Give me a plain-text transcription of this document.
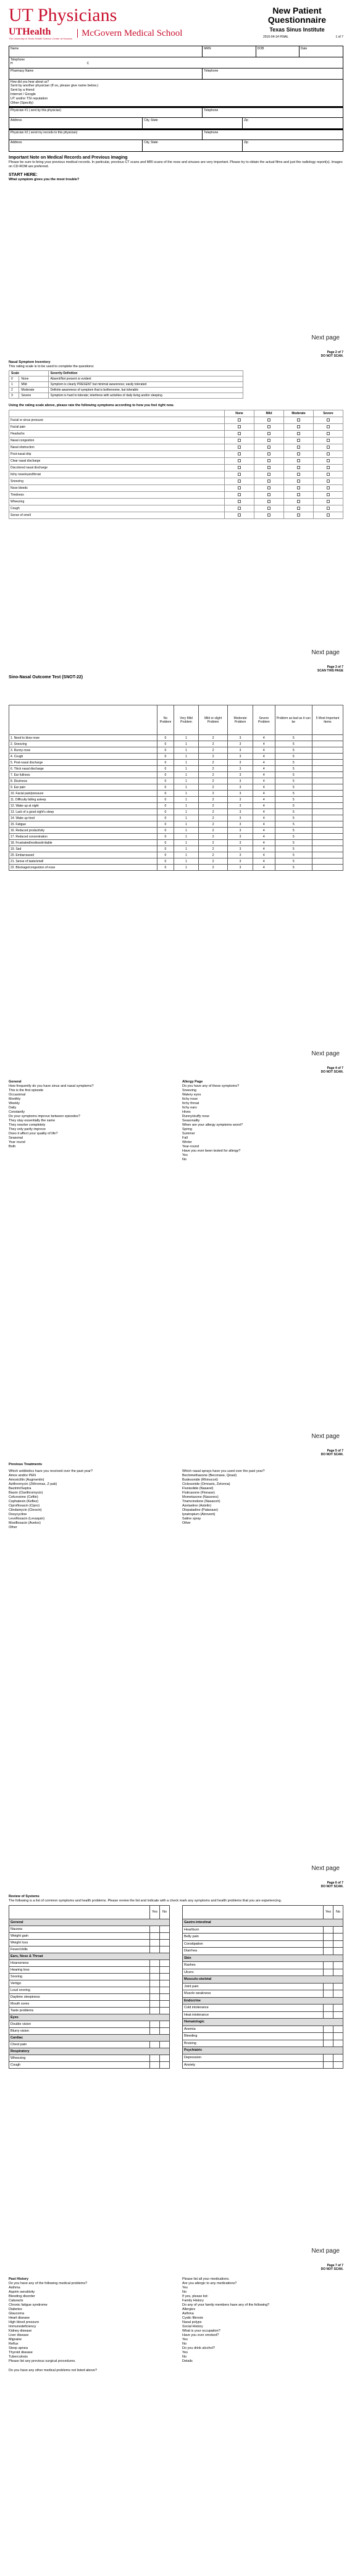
UT Physicians
UTHealth
The University of Texas Health Science Center at Houston
McGovern Medical School
New Patient
Questionnaire
Texas Sinus Institute
2016-04-14 FINAL	1 of 7
Name	MRN	DOB	Date
Telephone
H	C
Pharmacy Name	Telephone
How did you hear about us?
Sent by another physician (If so, please give name below.)
Sent by a friend
Internet / Google
UT and/or TSI reputation
Other (Specify)
Physician #1 ( sent by this physician)	Telephone
Address	City, State	Zip
Physician #2 ( send my records to this physician)	Telephone
Address	City, State	Zip
Important Note on Medical Records and Previous Imaging
Please be sure to bring your previous medical records. In particular, previous CT scans and MRI scans of the nose and sinuses are very important. Please try to obtain the actual films and just the radiology report(s). Images on CD-ROM are preferred.
START HERE:
What symptom gives you the most trouble?
Next page
Page 2 of 7
DO NOT SCAN.
Nasal Symptom Inventory
This rating scale is to be used to complete the questions:
Scale		Severity Definition
0	None	Absent/Not present or evident
1	Mild	Symptom is clearly PRESENT but minimal awareness; easily tolerated
2	Moderate	Definite awareness of symptom that is bothersome, but tolerable
3	Severe	Symptom is hard to tolerate; interferes with activities of daily living and/or sleeping
Using the rating scale above, please rate the following symptoms according to how you feel right now.
	None	Mild	Moderate	Severe
Facial or sinus pressure				
Facial pain				
Headache				
Nasal congestion				
Nasal obstruction				
Post-nasal drip				
Clear nasal discharge				
Discolored nasal discharge				
Itchy nose/eyes/throat				
Sneezing				
Nose bleeds				
Tiredness				
Wheezing				
Cough				
Sense of smell				
Next page
Page 3 of 7
SCAN THIS PAGE
Sino-Nasal Outcome Test (SNOT-22)
	No Problem	Very Mild Problem	Mild or slight Problem	Moderate Problem	Severe Problem	Problem as bad as it can be	5 Most Important Items
1. Need to blow nose	0	1	2	3	4	5	
2. Sneezing	0	1	2	3	4	5	
3. Runny nose	0	1	2	3	4	5	
4. Cough	0	1	2	3	4	5	
5. Post-nasal discharge	0	1	2	3	4	5	
6. Thick nasal discharge	0	1	2	3	4	5	
7. Ear fullness	0	1	2	3	4	5	
8. Dizziness	0	1	2	3	4	5	
9. Ear pain	0	1	2	3	4	5	
10. Facial pain/pressure	0	1	2	3	4	5	
11. Difficulty falling asleep	0	1	2	3	4	5	
12. Wake up at night	0	1	2	3	4	5	
13. Lack of a good night's sleep	0	1	2	3	4	5	
14. Wake up tired	0	1	2	3	4	5	
15. Fatigue	0	1	2	3	4	5	
16. Reduced productivity	0	1	2	3	4	5	
17. Reduced concentration	0	1	2	3	4	5	
18. Frustrated/restless/irritable	0	1	2	3	4	5	
19. Sad	0	1	2	3	4	5	
20. Embarrassed	0	1	2	3	4	5	
21. Sense of taste/smell	0	1	2	3	4	5	
22. Blockage/congestion of nose	0	1	2	3	4	5	
Next page
Page 4 of 7
DO NOT SCAN.
General
How frequently do you have sinus and nasal symptoms?
This is the first episode
Occasional
Monthly
Weekly
Daily
Constantly
Do your symptoms improve between episodes?
They stay essentially the same
They resolve completely
They only partly improve
Does it affect your quality of life?
Seasonal
Year round
Both
Allergy Page
Do you have any of these symptoms?
Sneezing
Watery eyes
Itchy nose
Itchy throat
Itchy ears
Hives
Runny/stuffy nose
Seasonality
When are your allergy symptoms worst?
Spring
Summer
Fall
Winter
Year-round
Have you ever been tested for allergy?
Yes
No
Next page
Page 5 of 7
DO NOT SCAN.
Previous Treatments
Which antibiotics have you received over the past year?
Amox and/or PEN
Amoxicillin (Augmentin)
Azithromycin (Zithromax, Z-pak)
Bactrim/Septra
Biaxin (Clarithromycin)
Cefuroxime (Ceftin)
Cephalexin (Keflex)
Ciprofloxacin (Cipro)
Clindamycin (Cleocin)
Doxycycline
Levofloxacin (Levaquin)
Moxifloxacin (Avelox)
Other
Which nasal sprays have you used over the past year?
Beclomethasone (Beconase, Qnasl)
Budesonide (Rhinocort)
Ciclesonide (Omnaris, Zetonna)
Flunisolide (Nasarel)
Fluticasone (Flonase)
Mometasone (Nasonex)
Triamcinolone (Nasacort)
Azelastine (Astelin)
Olopatadine (Patanase)
Ipratropium (Atrovent)
Saline spray
Other
Next page
Page 6 of 7
DO NOT SCAN.
Review of Systems
The following is a list of common symptoms and health problems. Please review the list and indicate with a check mark any symptoms and health problems that you are experiencing.
	Yes	No
General		
Nausea		
Weight gain		
Weight loss		
Fever/chills		
Ears, Nose & Throat		
Hoarseness		
Hearing loss		
Snoring		
Vertigo		
Loud snoring		
Daytime sleepiness		
Mouth sores		
Taste problems		
Eyes		
Double vision		
Blurry vision		
Cardiac		
Chest pain		
Respiratory		
Wheezing		
Cough		
	Yes	No
Gastro-intestinal		
Heartburn		
Belly pain		
Constipation		
Diarrhea		
Skin		
Rashes		
Ulcers		
Musculo-skeletal		
Joint pain		
Muscle weakness		
Endocrine		
Cold intolerance		
Heat intolerance		
Hematologic		
Anemia		
Bleeding		
Bruising		
Psychiatric		
Depression		
Anxiety		
Next page
Page 7 of 7
DO NOT SCAN.
Past History
Do you have any of the following medical problems?
Asthma
Aspirin sensitivity
Bleeding disorder
Cataracts
Chronic fatigue syndrome
Diabetes
Glaucoma
Heart disease
High blood pressure
Immunodeficiency
Kidney disease
Liver disease
Migraine
Reflux
Sleep apnea
Thyroid disease
Tuberculosis
Please list any previous surgical procedures.
Do you have any other medical problems not listed above?
Please list all your medications.
Are you allergic to any medications?
Yes
No
If yes, please list:
Family History
Do any of your family members have any of the following?
Allergies
Asthma
Cystic fibrosis
Nasal polyps
Social History
What is your occupation?
Have you ever smoked?
Yes
No
Do you drink alcohol?
Yes
No
Details
